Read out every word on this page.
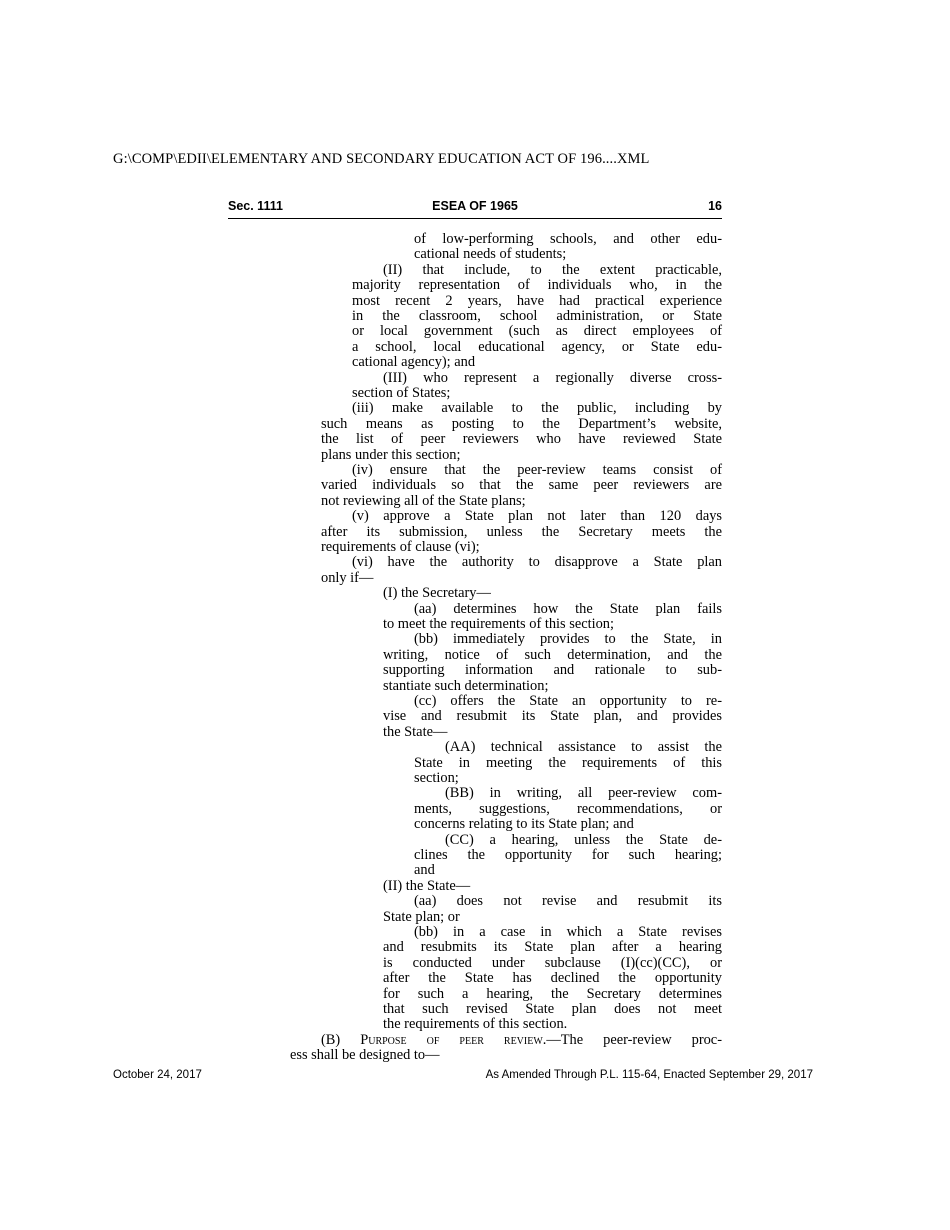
G:\COMP\EDII\ELEMENTARY AND SECONDARY EDUCATION ACT OF 196....XML
Sec. 1111	ESEA OF 1965	16
of low-performing schools, and other edu-
cational needs of students;
(II) that include, to the extent practicable,
majority representation of individuals who, in the
most recent 2 years, have had practical experience
in the classroom, school administration, or State
or local government (such as direct employees of
a school, local educational agency, or State edu-
cational agency); and
(III) who represent a regionally diverse cross-
section of States;
(iii) make available to the public, including by
such means as posting to the Department’s website,
the list of peer reviewers who have reviewed State
plans under this section;
(iv) ensure that the peer-review teams consist of
varied individuals so that the same peer reviewers are
not reviewing all of the State plans;
(v) approve a State plan not later than 120 days
after its submission, unless the Secretary meets the
requirements of clause (vi);
(vi) have the authority to disapprove a State plan
only if—
(I) the Secretary—
(aa) determines how the State plan fails
to meet the requirements of this section;
(bb) immediately provides to the State, in
writing, notice of such determination, and the
supporting information and rationale to sub-
stantiate such determination;
(cc) offers the State an opportunity to re-
vise and resubmit its State plan, and provides
the State—
(AA) technical assistance to assist the
State in meeting the requirements of this
section;
(BB) in writing, all peer-review com-
ments, suggestions, recommendations, or
concerns relating to its State plan; and
(CC) a hearing, unless the State de-
clines the opportunity for such hearing;
and
(II) the State—
(aa) does not revise and resubmit its
State plan; or
(bb) in a case in which a State revises
and resubmits its State plan after a hearing
is conducted under subclause (I)(cc)(CC), or
after the State has declined the opportunity
for such a hearing, the Secretary determines
that such revised State plan does not meet
the requirements of this section.
(B) Purpose of peer review.—The peer-review proc-
ess shall be designed to—
October 24, 2017	As Amended Through P.L. 115-64, Enacted September 29, 2017
